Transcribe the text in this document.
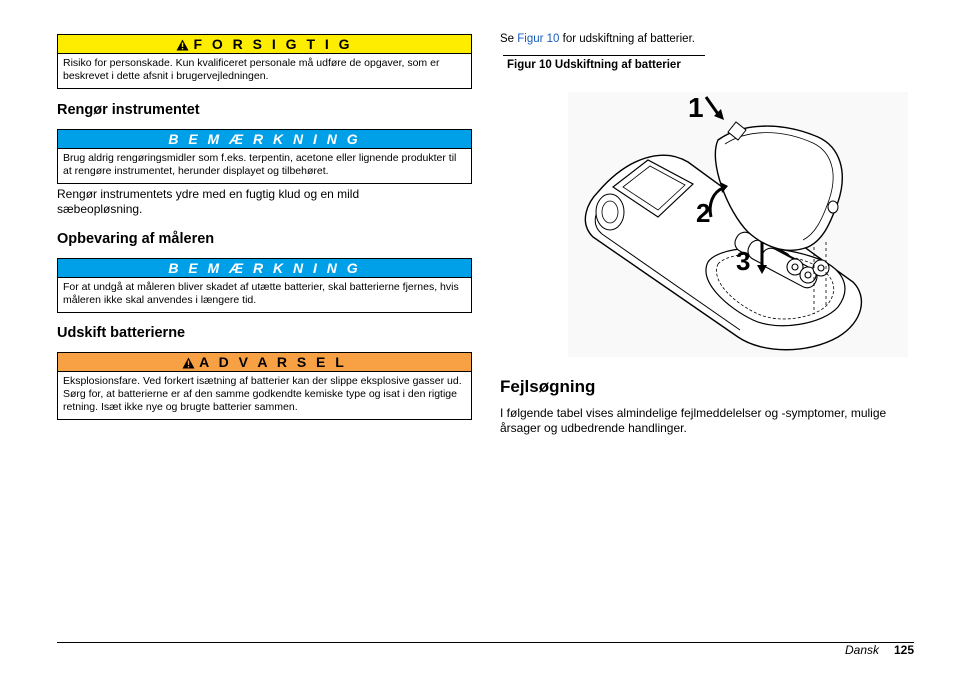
F O R S I G T I G
Risiko for personskade. Kun kvalificeret personale må udføre de opgaver, som er beskrevet i dette afsnit i brugervejledningen.
Rengør instrumentet
B E M Æ R K N I N G
Brug aldrig rengøringsmidler som f.eks. terpentin, acetone eller lignende produkter til at rengøre instrumentet, herunder displayet og tilbehøret.
Rengør instrumentets ydre med en fugtig klud og en mild sæbeopløsning.
Opbevaring af måleren
B E M Æ R K N I N G
For at undgå at måleren bliver skadet af utætte batterier, skal batterierne fjernes, hvis måleren ikke skal anvendes i længere tid.
Udskift batterierne
A D V A R S E L
Eksplosionsfare. Ved forkert isætning af batterier kan der slippe eksplosive gasser ud. Sørg for, at batterierne er af den samme godkendte kemiske type og isat i den rigtige retning. Isæt ikke nye og brugte batterier sammen.
Se Figur 10 for udskiftning af batterier.
Figur 10 Udskiftning af batterier
1
2
3
Fejlsøgning
I følgende tabel vises almindelige fejlmeddelelser og -symptomer, mulige årsager og udbedrende handlinger.
Dansk 125
